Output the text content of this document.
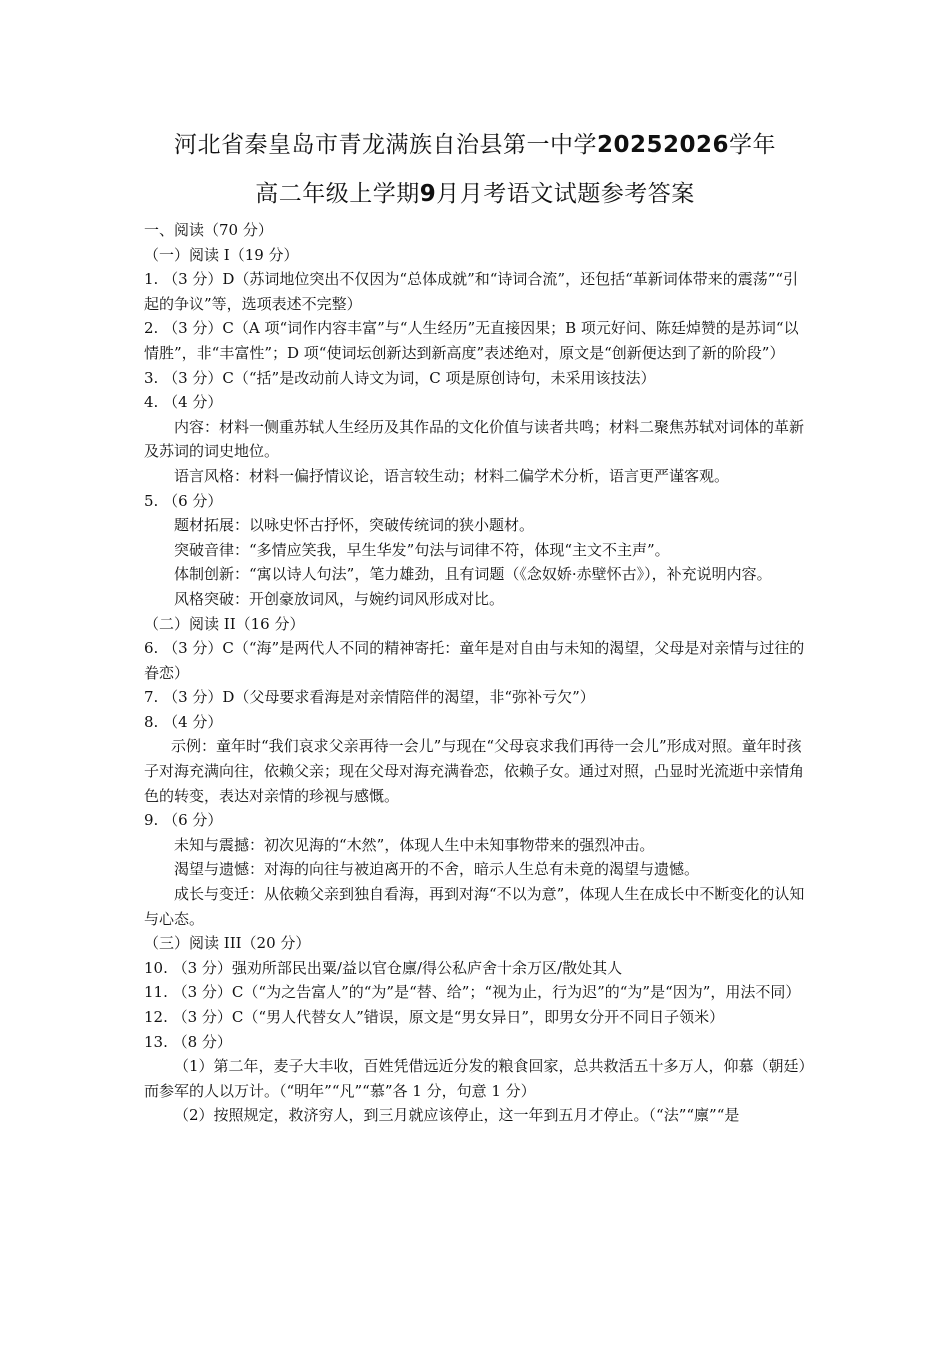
河北省秦皇岛市青龙满族自治县第一中学20252026学年
高二年级上学期9月月考语文试题参考答案

一、阅读（70 分）

（一）阅读 I（19 分）

1. （3 分）D（苏词地位突出不仅因为“总体成就”和“诗词合流”，还包括“革新词体带来的震荡”“引起的争议”等，选项表述不完整）

2. （3 分）C（A 项“词作内容丰富”与“人生经历”无直接因果；B 项元好问、陈廷焯赞的是苏词“以情胜”，非“丰富性”；D 项“使词坛创新达到新高度”表述绝对，原文是“创新便达到了新的阶段”）

3. （3 分）C（“括”是改动前人诗文为词，C 项是原创诗句，未采用该技法）

4. （4 分）

内容：材料一侧重苏轼人生经历及其作品的文化价值与读者共鸣；材料二聚焦苏轼对词体的革新及苏词的词史地位。

语言风格：材料一偏抒情议论，语言较生动；材料二偏学术分析，语言更严谨客观。

5. （6 分）

题材拓展：以咏史怀古抒怀，突破传统词的狭小题材。

突破音律：“多情应笑我，早生华发”句法与词律不符，体现“主文不主声”。

体制创新：“寓以诗人句法”，笔力雄劲，且有词题（《念奴娇·赤壁怀古》），补充说明内容。

风格突破：开创豪放词风，与婉约词风形成对比。

（二）阅读 II（16 分）

6. （3 分）C（“海”是两代人不同的精神寄托：童年是对自由与未知的渴望，父母是对亲情与过往的眷恋）

7. （3 分）D（父母要求看海是对亲情陪伴的渴望，非“弥补亏欠”）

8. （4 分）

示例：童年时“我们哀求父亲再待一会儿”与现在“父母哀求我们再待一会儿”形成对照。童年时孩子对海充满向往，依赖父亲；现在父母对海充满眷恋，依赖子女。通过对照，凸显时光流逝中亲情角色的转变，表达对亲情的珍视与感慨。

9. （6 分）

未知与震撼：初次见海的“木然”，体现人生中未知事物带来的强烈冲击。

渴望与遗憾：对海的向往与被迫离开的不舍，暗示人生总有未竟的渴望与遗憾。

成长与变迁：从依赖父亲到独自看海，再到对海“不以为意”，体现人生在成长中不断变化的认知与心态。

（三）阅读 III（20 分）

10. （3 分）强劝所部民出粟/益以官仓廪/得公私庐舍十余万区/散处其人

11. （3 分）C（“为之告富人”的“为”是“替、给”；“视为止，行为迟”的“为”是“因为”，用法不同）

12. （3 分）C（“男人代替女人”错误，原文是“男女异日”，即男女分开不同日子领米）

13. （8 分）

（1）第二年，麦子大丰收，百姓凭借远近分发的粮食回家，总共救活五十多万人，仰慕（朝廷）而参军的人以万计。（“明年”“凡”“慕”各 1 分，句意 1 分）

（2）按照规定，救济穷人，到三月就应该停止，这一年到五月才停止。（“法”“廪”“是
